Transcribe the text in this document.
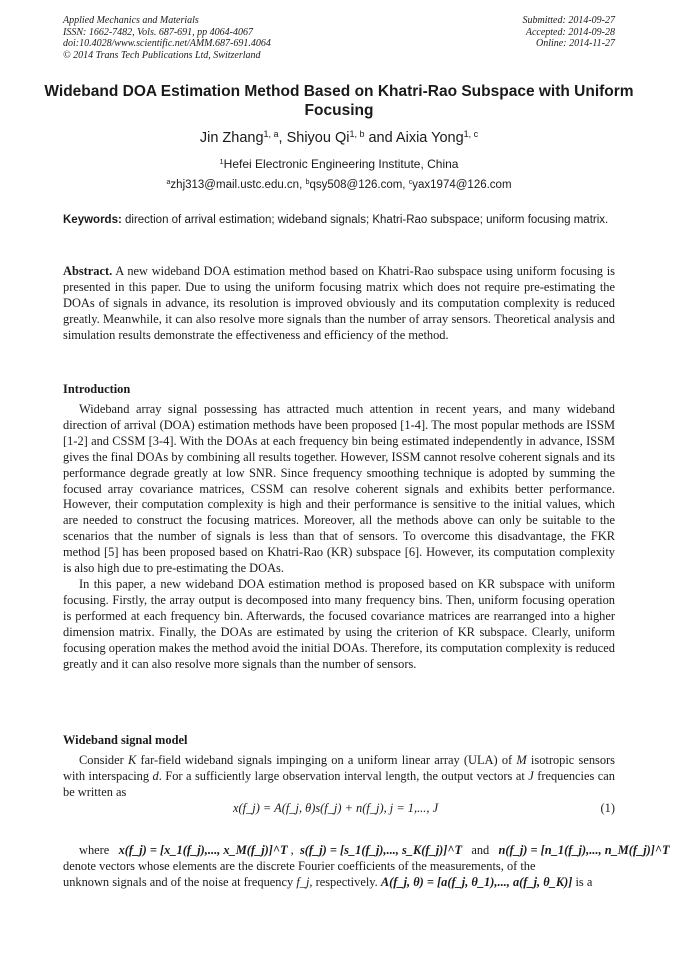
Applied Mechanics and Materials
ISSN: 1662-7482, Vols. 687-691, pp 4064-4067
doi:10.4028/www.scientific.net/AMM.687-691.4064
© 2014 Trans Tech Publications Ltd, Switzerland
Submitted: 2014-09-27
Accepted: 2014-09-28
Online: 2014-11-27
Wideband DOA Estimation Method Based on Khatri-Rao Subspace with Uniform Focusing
Jin Zhang$^{1, a}$, Shiyou Qi$^{1, b}$ and Aixia Yong$^{1, c}$
$^1$Hefei Electronic Engineering Institute, China
$^a$zhj313@mail.ustc.edu.cn, $^b$qsy508@126.com, $^c$yax1974@126.com
Keywords: direction of arrival estimation; wideband signals; Khatri-Rao subspace; uniform focusing matrix.

Abstract. A new wideband DOA estimation method based on Khatri-Rao subspace using uniform focusing is presented in this paper. Due to using the uniform focusing matrix which does not require pre-estimating the DOAs of signals in advance, its resolution is improved obviously and its computation complexity is reduced greatly. Meanwhile, it can also resolve more signals than the number of array sensors. Theoretical analysis and simulation results demonstrate the effectiveness and efficiency of the method.

Introduction

Wideband array signal possessing has attracted much attention in recent years, and many wideband direction of arrival (DOA) estimation methods have been proposed [1-4]. The most popular methods are ISSM [1-2] and CSSM [3-4]. With the DOAs at each frequency bin being estimated independently in advance, ISSM gives the final DOAs by combining all results together. However, ISSM cannot resolve coherent signals and its performance degrade greatly at low SNR. Since frequency smoothing technique is adopted by summing the focused array covariance matrices, CSSM can resolve coherent signals and exhibits better performance. However, their computation complexity is high and their performance is sensitive to the initial values, which are needed to construct the focusing matrices. Moreover, all the methods above can only be suitable to the scenarios that the number of signals is less than that of sensors. To overcome this disadvantage, the FKR method [5] has been proposed based on Khatri-Rao (KR) subspace [6]. However, its computation complexity is also high due to pre-estimating the DOAs.

In this paper, a new wideband DOA estimation method is proposed based on KR subspace with uniform focusing. Firstly, the array output is decomposed into many frequency bins. Then, uniform focusing operation is performed at each frequency bin. Afterwards, the focused covariance matrices are rearranged into a higher dimension matrix. Finally, the DOAs are estimated by using the criterion of KR subspace. Clearly, uniform focusing operation makes the method avoid the initial DOAs. Therefore, its computation complexity is reduced greatly and it can also resolve more signals than the number of sensors.

Wideband signal model

Consider K far-field wideband signals impinging on a uniform linear array (ULA) of M isotropic sensors with interspacing d. For a sufficiently large observation interval length, the output vectors at J frequencies can be written as

x(f_j) = A(f_j, θ)s(f_j) + n(f_j), j = 1,..., J	(1)

where x(f_j) = [x_1(f_j),..., x_M(f_j)]^T ,  s(f_j) = [s_1(f_j),..., s_K(f_j)]^T and n(f_j) = [n_1(f_j),..., n_M(f_j)]^T

denote vectors whose elements are the discrete Fourier coefficients of the measurements, of the

unknown signals and of the noise at frequency f_j, respectively. A(f_j, θ) = [a(f_j, θ_1),..., a(f_j, θ_K)] is a
